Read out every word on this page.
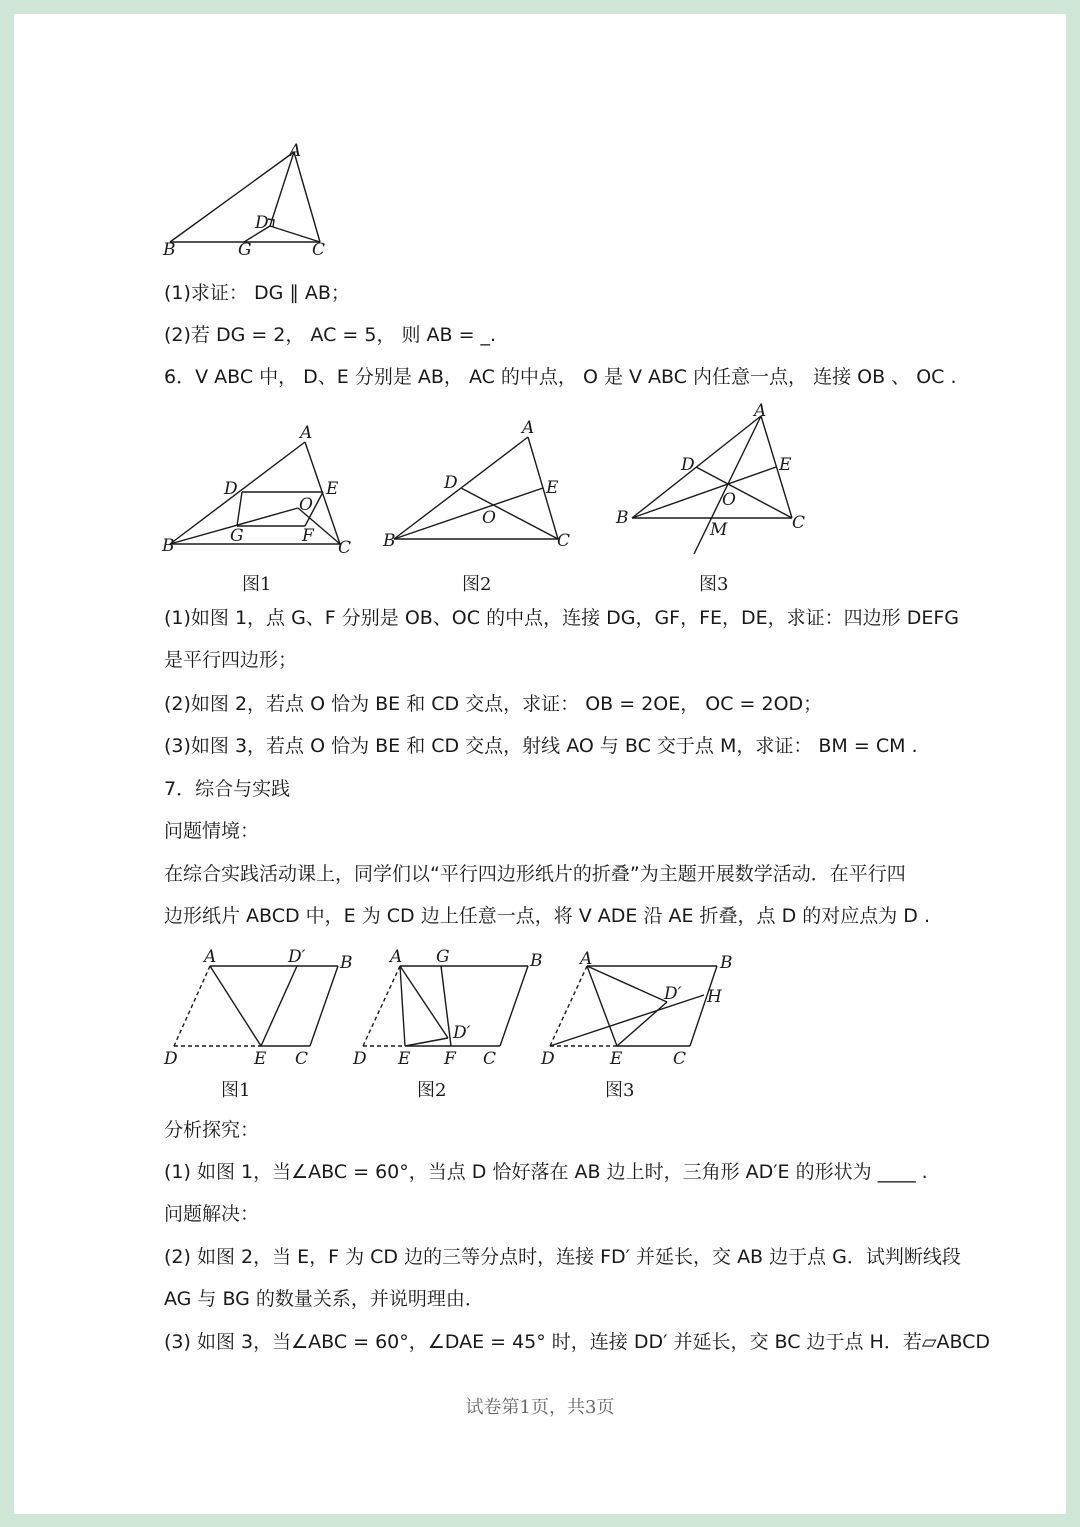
A
D
B	G	C
(1)求证： DG ∥ AB；
(2)若 DG = 2， AC = 5， 则 AB = _.
6．V ABC 中， D、E 分别是 AB， AC 的中点， O 是 V ABC 内任意一点， 连接 OB 、 OC .
A
D	E
O
G	F
B	C
A
D	E
O
B	C
A
D	E
O
B	C
M
图1	图2	图3
(1)如图 1，点 G、F 分别是 OB、OC 的中点，连接 DG，GF，FE，DE，求证：四边形 DEFG
是平行四边形；
(2)如图 2，若点 O 恰为 BE 和 CD 交点，求证： OB = 2OE， OC = 2OD；
(3)如图 3，若点 O 恰为 BE 和 CD 交点，射线 AO 与 BC 交于点 M，求证： BM = CM .
7．综合与实践
问题情境：
在综合实践活动课上，同学们以“平行四边形纸片的折叠”为主题开展数学活动．在平行四
边形纸片 ABCD 中，E 为 CD 边上任意一点，将 V ADE 沿 AE 折叠，点 D 的对应点为 D .
A	D′ B
D	E C
A G	B
D′
D E F C
A	B
D′ H
D	E	C
图1	图2	图3
分析探究：
(1) 如图 1，当∠ABC = 60°，当点 D 恰好落在 AB 边上时，三角形 AD′E 的形状为 ____ .
问题解决：
(2) 如图 2，当 E，F 为 CD 边的三等分点时，连接 FD′ 并延长，交 AB 边于点 G．试判断线段
AG 与 BG 的数量关系，并说明理由．
(3) 如图 3，当∠ABC = 60°，∠DAE = 45° 时，连接 DD′ 并延长，交 BC 边于点 H．若▱ABCD
试卷第1页，共3页
